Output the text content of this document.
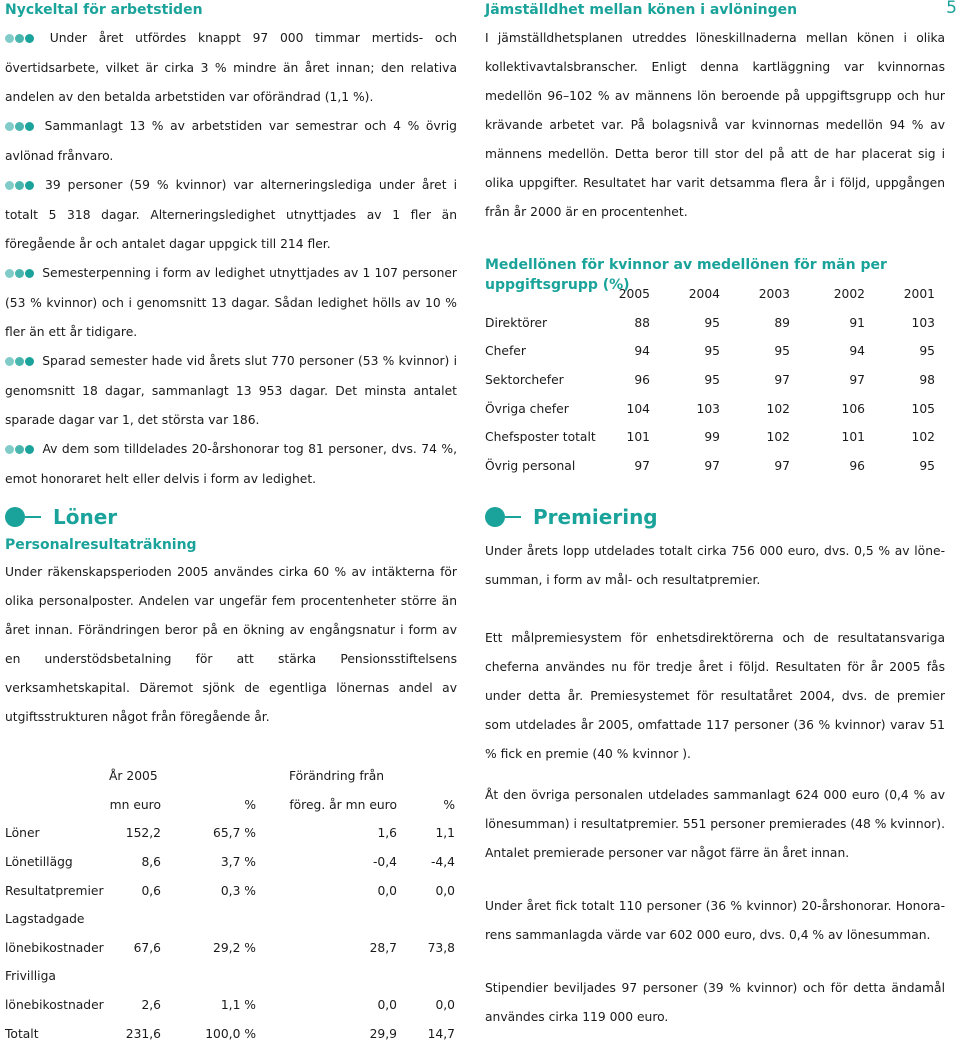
5
Nyckeltal för arbetstiden

Under året utfördes knappt 97 000 timmar mertids- och övertidsarbete, vilket är cirka 3 % mindre än året innan; den relativa andelen av den betalda arbetstiden var oförändrad (1,1 %).

Sammanlagt 13 % av arbetstiden var semestrar och 4 % övrig avlönad frånvaro.

39 personer (59 % kvinnor) var alterneringslediga under året i totalt 5 318 dagar. Alterneringsledighet utnyttjades av 1 fler än föregående år och antalet dagar uppgick till 214 fler.

Semesterpenning i form av ledighet utnyttjades av 1 107 personer (53 % kvinnor) och i genomsnitt 13 dagar. Sådan ledighet hölls av 10 % fler än ett år tidigare.

Sparad semester hade vid årets slut 770 personer (53 % kvinnor) i genomsnitt 18 dagar, sammanlagt 13 953 dagar. Det minsta antalet sparade dagar var 1, det största var 186.

Av dem som tilldelades 20-årshonorar tog 81 personer, dvs. 74 %, emot honoraret helt eller delvis i form av ledighet.

Löner
Personalresultaträkning

Under räkenskapsperioden 2005 användes cirka 60 % av intäkterna för olika personalposter. Andelen var ungefär fem procentenheter större än året innan. Förändringen beror på en ökning av engångsnatur i form av en understödsbetalning för att stärka Pensionsstiftelsens verksamhetskapital. Däremot sjönk de egentliga lönernas andel av utgiftsstrukturen något från föregående år.

	År 2005		Förändring från	
	mn euro	%	föreg. år mn euro	%
Löner	152,2	65,7 %	1,6	1,1
Lönetillägg	8,6	3,7 %	-0,4	-4,4
Resultatpremier	0,6	0,3 %	0,0	0,0
Lagstadgade				
lönebikostnader	67,6	29,2 %	28,7	73,8
Frivilliga				
lönebikostnader	2,6	1,1 %	0,0	0,0
Totalt	231,6	100,0 %	29,9	14,7
Jämställdhet mellan könen i avlöningen

I jämställdhetsplanen utreddes löneskillnaderna mellan könen i olika kollektivavtalsbranscher. Enligt denna kartläggning var kvinnornas medellön 96–102 % av männens lön beroende på uppgiftsgrupp och hur krävande arbetet var. På bolagsnivå var kvinnornas medellön 94 % av männens medellön. Detta beror till stor del på att de har placerat sig i olika uppgifter. Resultatet har varit detsamma flera år i följd, uppgången från år 2000 är en procentenhet.

Medellönen för kvinnor av medellönen för män per uppgiftsgrupp (%)
	2005	2004	2003	2002	2001
Direktörer	88	95	89	91	103
Chefer	94	95	95	94	95
Sektorchefer	96	95	97	97	98
Övriga chefer	104	103	102	106	105
Chefsposter totalt	101	99	102	101	102
Övrig personal	97	97	97	96	95
Premiering

Under årets lopp utdelades totalt cirka 756 000 euro, dvs. 0,5 % av lönesumman, i form av mål- och resultatpremier.

Ett målpremiesystem för enhetsdirektörerna och de resultatansvariga cheferna användes nu för tredje året i följd. Resultaten för år 2005 fås under detta år. Premiesystemet för resultatåret 2004, dvs. de premier som utdelades år 2005, omfattade 117 personer (36 % kvinnor) varav 51 % fick en premie (40 % kvinnor ).

Åt den övriga personalen utdelades sammanlagt 624 000 euro (0,4 % av lönesumman) i resultatpremier. 551 personer premierades (48 % kvinnor). Antalet premierade personer var något färre än året innan.

Under året fick totalt 110 personer (36 % kvinnor) 20-årshonorar. Honorarens sammanlagda värde var 602 000 euro, dvs. 0,4 % av lönesumman.

Stipendier beviljades 97 personer (39 % kvinnor) och för detta ändamål användes cirka 119 000 euro.
